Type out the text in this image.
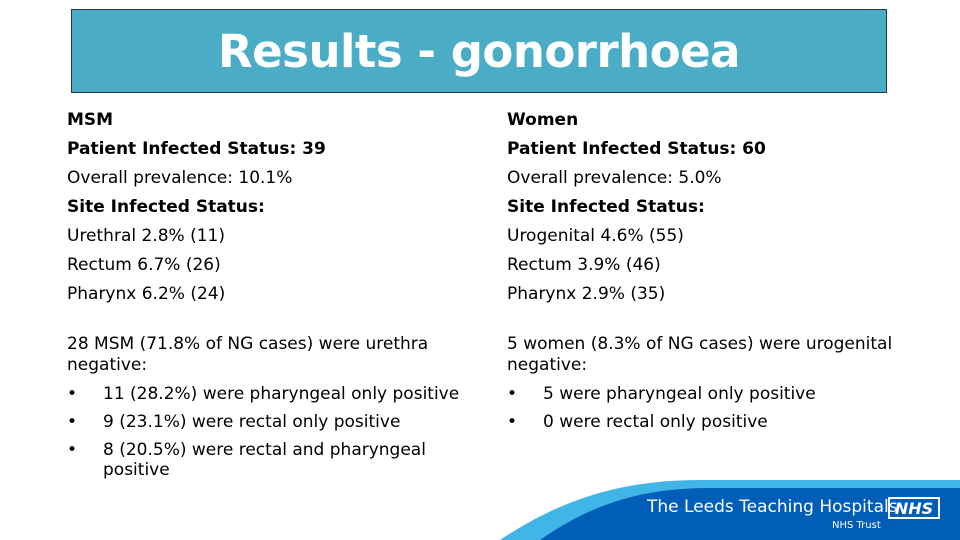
Results - gonorrhoea
MSM
Patient Infected Status: 39
Overall prevalence: 10.1%
Site Infected Status:
Urethral 2.8% (11)
Rectum 6.7% (26)
Pharynx 6.2% (24)

28 MSM (71.8% of NG cases) were urethra negative:

• 11 (28.2%) were pharyngeal only positive
• 9 (23.1%) were rectal only positive
• 8 (20.5%) were rectal and pharyngeal positive
Women
Patient Infected Status: 60
Overall prevalence: 5.0%
Site Infected Status:
Urogenital 4.6% (55)
Rectum 3.9% (46)
Pharynx 2.9% (35)

5 women (8.3% of NG cases) were urogenital negative:

• 5 were pharyngeal only positive
• 0 were rectal only positive
The Leeds Teaching Hospitals
NHS Trust
NHS
